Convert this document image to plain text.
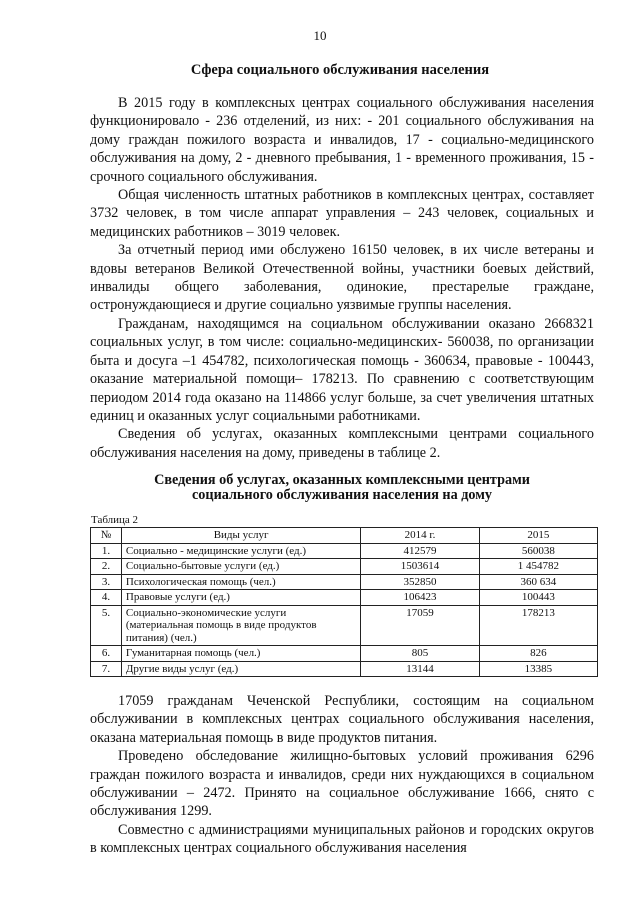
10
Сфера социального обслуживания населения

В 2015 году в комплексных центрах социального обслуживания населения функционировало - 236 отделений, из них: - 201 социального обслуживания на дому граждан пожилого возраста и инвалидов, 17 - социально-медицинского обслуживания на дому, 2 - дневного пребывания, 1 - временного проживания, 15 - срочного социального обслуживания.

Общая численность штатных работников в комплексных центрах, составляет 3732 человек, в том числе аппарат управления – 243 человек, социальных и медицинских работников – 3019 человек.

За отчетный период ими обслужено 16150 человек, в их числе ветераны и вдовы ветеранов Великой Отечественной войны, участники боевых действий, инвалиды общего заболевания, одинокие, престарелые граждане, остронуждающиеся и другие социально уязвимые группы населения.

Гражданам, находящимся на социальном обслуживании оказано 2668321 социальных услуг, в том числе: социально-медицинских- 560038, по организации быта и досуга –1 454782, психологическая помощь - 360634, правовые - 100443, оказание материальной помощи– 178213. По сравнению с соответствующим периодом 2014 года оказано на 114866 услуг больше, за счет увеличения штатных единиц и оказанных услуг социальными работниками.

Сведения об услугах, оказанных комплексными центрами социального обслуживания населения на дому, приведены в таблице 2.

Сведения об услугах, оказанных комплексными центрами
социального обслуживания населения на дому
Таблица 2
№	Виды услуг	2014 г.	2015
1.	Социально - медицинские услуги (ед.)	412579	560038
2.	Социально-бытовые услуги (ед.)	1503614	1 454782
3.	Психологическая помощь (чел.)	352850	360 634
4.	Правовые услуги (ед.)	106423	100443
5.	Социально-экономические услуги (материальная помощь в виде продуктов питания) (чел.)	17059	178213
6.	Гуманитарная помощь (чел.)	805	826
7.	Другие виды услуг (ед.)	13144	13385

17059 гражданам Чеченской Республики, состоящим на социальном обслуживании в комплексных центрах социального обслуживания населения, оказана материальная помощь в виде продуктов питания.

Проведено обследование жилищно-бытовых условий проживания 6296 граждан пожилого возраста и инвалидов, среди них нуждающихся в социальном обслуживании – 2472. Принято на социальное обслуживание 1666, снято с обслуживания 1299.

Совместно с администрациями муниципальных районов и городских округов в комплексных центрах социального обслуживания населения
